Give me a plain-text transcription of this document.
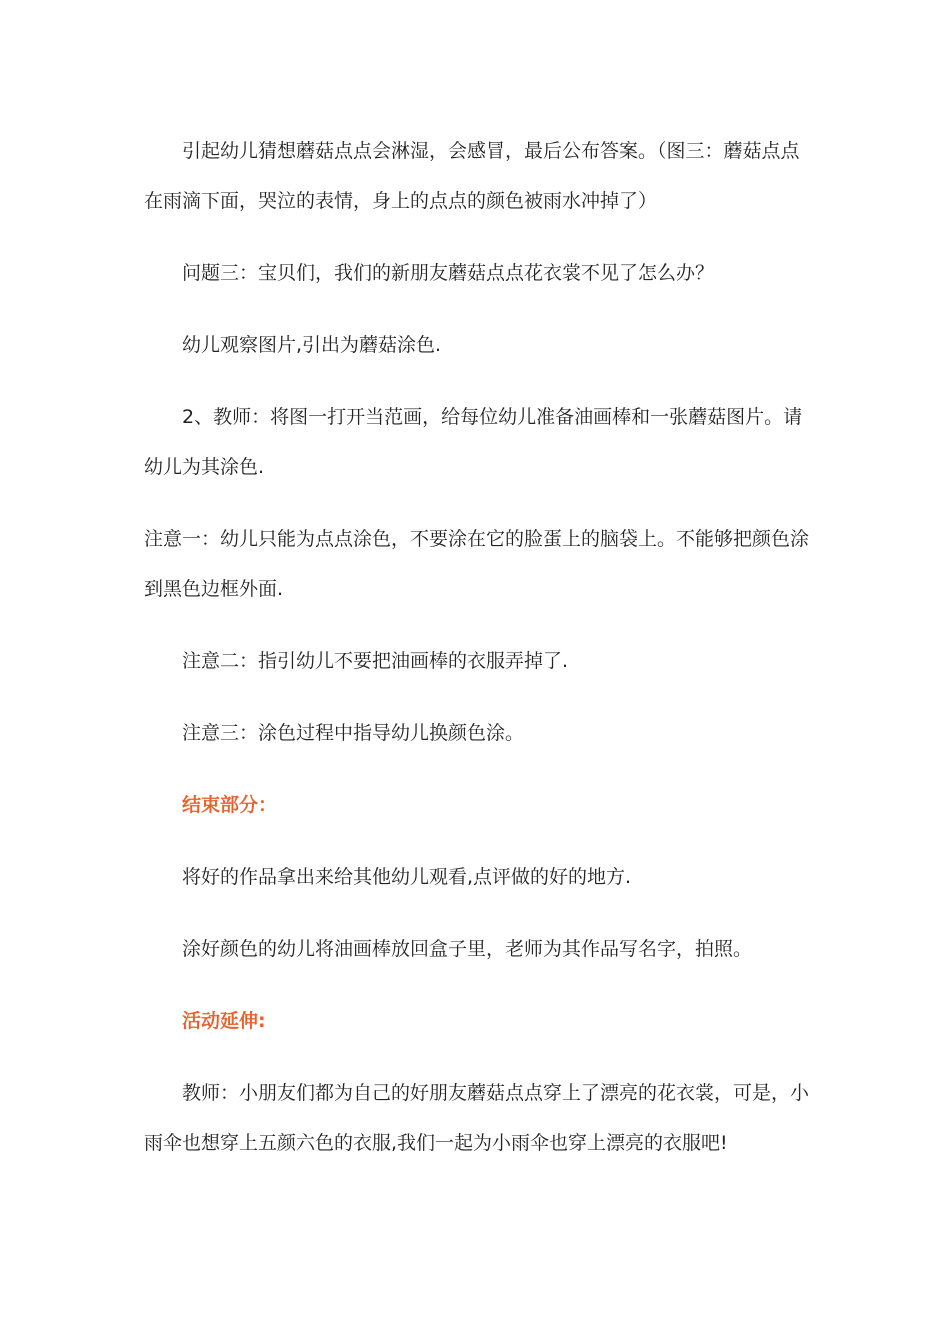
引起幼儿猜想蘑菇点点会淋湿，会感冒，最后公布答案。（图三：蘑菇点点在雨滴下面，哭泣的表情，身上的点点的颜色被雨水冲掉了）

问题三：宝贝们，我们的新朋友蘑菇点点花衣裳不见了怎么办？

幼儿观察图片,引出为蘑菇涂色.

2、教师：将图一打开当范画，给每位幼儿准备油画棒和一张蘑菇图片。请幼儿为其涂色.

注意一：幼儿只能为点点涂色，不要涂在它的脸蛋上的脑袋上。不能够把颜色涂到黑色边框外面.

注意二：指引幼儿不要把油画棒的衣服弄掉了.

注意三：涂色过程中指导幼儿换颜色涂。

结束部分：

将好的作品拿出来给其他幼儿观看,点评做的好的地方.

涂好颜色的幼儿将油画棒放回盒子里，老师为其作品写名字，拍照。

活动延伸:

教师：小朋友们都为自己的好朋友蘑菇点点穿上了漂亮的花衣裳，可是，小雨伞也想穿上五颜六色的衣服,我们一起为小雨伞也穿上漂亮的衣服吧!
